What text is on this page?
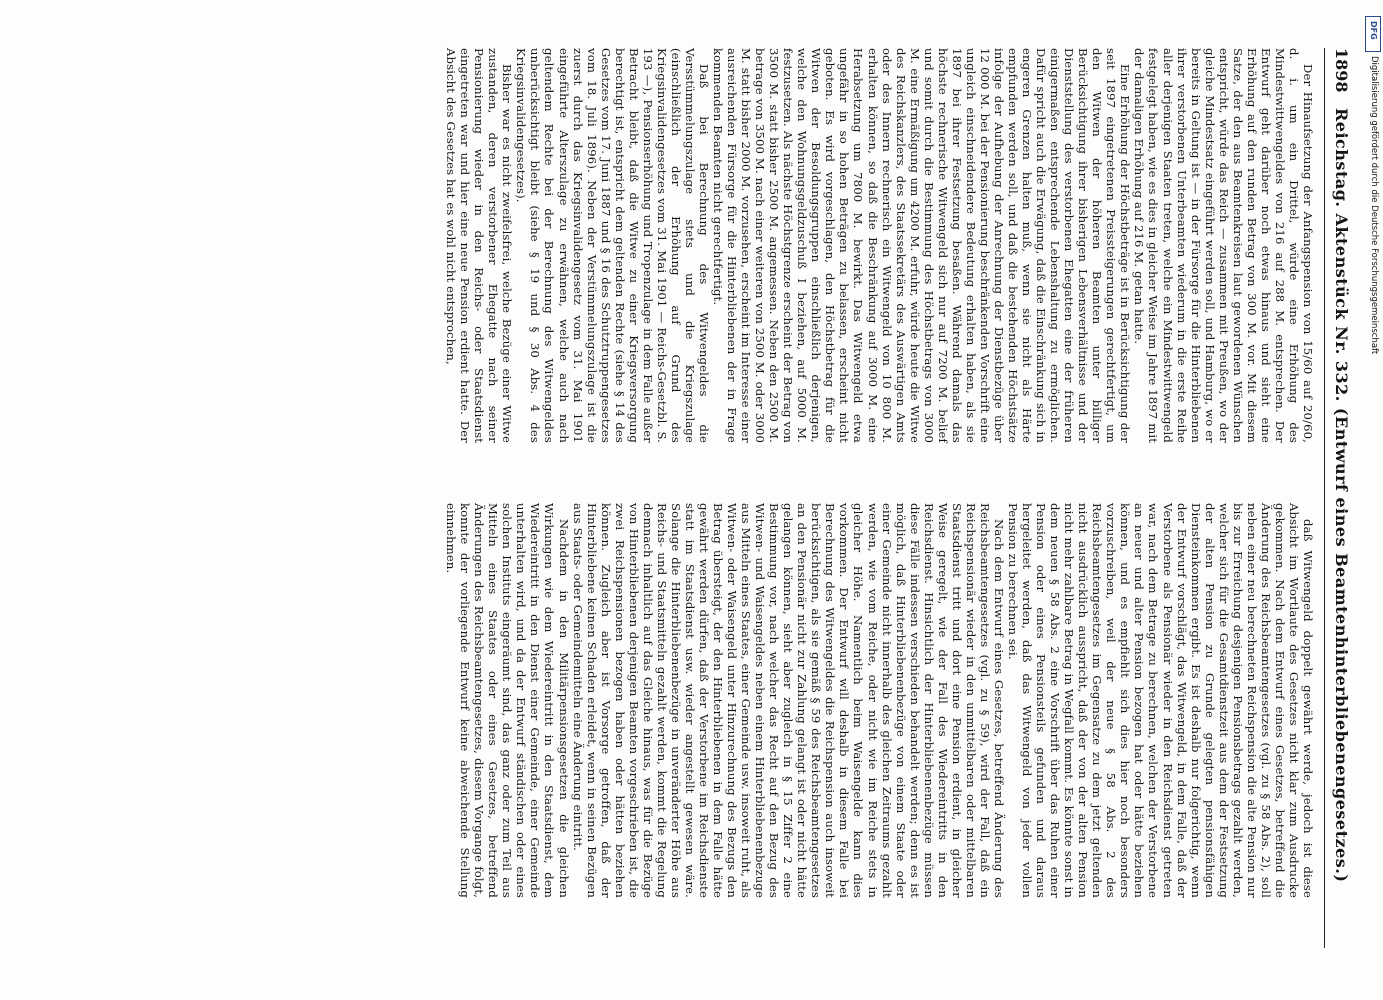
1898
Reichstag. Aktenstück Nr. 332. (Entwurf eines Beamtenhinterbliebenengesetzes.)

Der Hinaufsetzung der Anfangspension von 15/60 auf 20/60, d. i. um ein Drittel, würde eine Erhöhung des Mindestwittwengeldes von 216 auf 288 M. entsprechen. Der Entwurf geht darüber noch etwas hinaus und sieht eine Erhöhung auf den runden Betrag von 300 M. vor. Mit diesem Satze, der den aus Beamtenkreisen laut gewordenen Wünschen entspricht, würde das Reich — zusammen mit Preußen, wo der gleiche Mindestsatz eingeführt werden soll, und Hamburg, wo er bereits in Geltung ist — in der Fürsorge für die Hinterbliebenen ihrer verstorbenen Unterbeamten wiederum in die erste Reihe aller derjenigen Staaten treten, welche ein Mindestwittwengeld festgelegt haben, wie es dies in gleicher Weise im Jahre 1897 mit der damaligen Erhöhung auf 216 M. getan hatte.

Eine Erhöhung der Höchstbeträge ist in Berücksichtigung der seit 1897 eingetretenen Preissteigerungen gerechtfertigt, um den Witwen der höheren Beamten unter billiger Berücksichtigung ihrer bisherigen Lebensverhältnisse und der Dienststellung des verstorbenen Ehegatten eine der früheren einigermaßen entsprechende Lebenshaltung zu ermöglichen. Dafür spricht auch die Erwägung, daß die Einschränkung sich in engeren Grenzen halten muß, wenn sie nicht als Härte empfunden werden soll, und daß die bestehenden Höchstsätze infolge der Aufhebung der Anrechnung der Dienstbezüge über 12 000 M. bei der Pensionierung beschränkenden Vorschrift eine ungleich einschneidendere Bedeutung erhalten haben, als sie 1897 bei ihrer Festsetzung besaßen. Während damals das höchste rechnerische Witwengeld sich nur auf 7200 M. belief und somit durch die Bestimmung des Höchstbetrags von 3000 M. eine Ermäßigung um 4200 M. erfuhr, würde heute die Witwe des Reichskanzlers, des Staatssekretärs des Auswärtigen Amts oder des Innern rechnerisch ein Witwengeld von 10 800 M. erhalten können, so daß die Beschränkung auf 3000 M. eine Herabsetzung um 7800 M. bewirkt. Das Witwengeld etwa ungefähr in so hohen Beträgen zu belassen, erscheint nicht geboten. Es wird vorgeschlagen, den Höchstbetrag für die Witwen der Besoldungsgruppen einschließlich derjenigen, welche den Wohnungsgeldzuschuß I beziehen, auf 5000 M. festzusetzen. Als nächste Höchstgrenze erscheint der Betrag von 3500 M. statt bisher 2500 M. angemessen. Neben den 2500 M. betrage von 3500 M. nach einer weiteren von 2500 M. oder 3000 M. statt bisher 2000 M. vorzusehen, erscheint im Interesse einer ausreichenden Fürsorge für die Hinterbliebenen der in Frage kommenden Beamten nicht gerechtfertigt.

Daß bei Berechnung des Witwengeldes die Versstümmelungszulage stets und die Kriegszulage (einschließlich der Erhöhung auf Grund des Kriegsinvalidengesetzes vom 31. Mai 1901 — Reichs-Gesetzbl. S. 193 —), Pensionserhöhung und Tropenzulage in dem Falle außer Betracht bleibt, daß die Witwe zu einer Kriegsversorgung berechtigt ist, entspricht dem geltenden Rechte (siehe § 14 des Gesetzes vom 17. Juni 1887 und § 16 des Schutztruppengesetzes vom 18. Juli 1896). Neben der Verstümmelungszulage ist die zuerst durch das Kriegsinvalidengesetz vom 31. Mai 1901 eingeführte Alterszulage zu erwähnen, welche auch nach geltendem Rechte bei der Berechnung des Witwengeldes unberücksichtigt bleibt (siehe § 19 und § 30 Abs. 4 des Kriegsinvalidengesetzes).

Bisher war es nicht zweifelsfrei, welche Bezüge einer Witwe zustanden, deren verstorbener Ehegatte nach seiner Pensionierung wieder in den Reichs- oder Staatsdienst eingetreten war und hier eine neue Pension erdient hatte. Der Absicht des Gesetzes hat es wohl nicht entsprochen,

daß Witwengeld doppelt gewährt werde, jedoch ist diese Absicht im Wortlaute des Gesetzes nicht klar zum Ausdrucke gekommen. Nach dem Entwurf eines Gesetzes, betreffend die Änderung des Reichsbeamtengesetzes (vgl. zu § 58 Abs. 2), soll neben einer neu berechneten Reichspension die alte Pension nur bis zur Erreichung desjenigen Pensionsbetrags gezahlt werden, welcher sich für die Gesamtdienstzeit aus dem der Festsetzung der alten Pension zu Grunde gelegten pensionsfähigen Diensteinkommen ergibt. Es ist deshalb nur folgerichtig, wenn der Entwurf vorschlägt, das Witwengeld, in dem Falle, daß der Verstorbene als Pensionär wieder in den Reichsdienst getreten war, nach dem Betrage zu berechnen, welchen der Verstorbene an neuer und alter Pension bezogen hat oder hätte beziehen können, und es empfiehlt sich dies hier noch besonders vorzuschreiben, weil der neue § 58 Abs. 2 des Reichsbeamtengesetzes im Gegensatze zu dem jetzt geltenden nicht ausdrücklich ausspricht, daß der von der alten Pension nicht mehr zahlbare Betrag in Wegfall kommt. Es könnte sonst in dem neuen § 58 Abs. 2 eine Vorschrift über das Ruhen einer Pension oder eines Pensionsteils gefunden und daraus hergeleitet werden, daß das Witwengeld von jeder vollen Pension zu berechnen sei.

Nach dem Entwurf eines Gesetzes, betreffend Änderung des Reichsbeamtengesetzes (vgl. zu § 59), wird der Fall, daß ein Reichspensionär wieder in den unmittelbaren oder mittelbaren Staatsdienst tritt und dort eine Pension erdient, in gleicher Weise geregelt, wie der Fall des Wiedereintritts in den Reichsdienst. Hinsichtlich der Hinterbliebenenbezüge müssen diese Fälle indessen verschieden behandelt werden; denn es ist möglich, daß Hinterbliebenenbezüge von einem Staate oder einer Gemeinde nicht innerhalb des gleichen Zeitraums gezahlt werden, wie vom Reiche, oder nicht wie im Reiche stets in gleicher Höhe. Namentlich beim Waisengelde kann dies vorkommen. Der Entwurf will deshalb in diesem Falle bei Berechnung des Witwengeldes die Reichspension auch insoweit berücksichtigen, als sie gemäß § 59 des Reichsbeamtengesetzes an den Pensionär nicht zur Zahlung gelangt ist oder nicht hätte gelangen können, sieht aber zugleich in § 15 Ziffer 2 eine Bestimmung vor, nach welcher das Recht auf den Bezug des Witwen- und Waisengeldes neben einem Hinterbliebenenbezuge aus Mitteln eines Staates, einer Gemeinde usw. insoweit ruht, als Witwen- oder Waisengeld unter Hinzurechnung des Bezugs den Betrag übersteigt, der den Hinterbliebenen in dem Falle hätte gewährt werden dürfen, daß der Verstorbene im Reichsdienste statt im Staatsdienst usw. wieder angestellt gewesen wäre. Solange die Hinterbliebenenbezüge in unveränderter Höhe aus Reichs- und Staatsmitteln gezahlt werden, kommt die Regelung demnach inhaltlich auf das Gleiche hinaus, was für die Bezüge von Hinterbliebenen derjenigen Beamten vorgeschrieben ist, die zwei Reichspensionen bezogen haben oder hätten beziehen können. Zugleich aber ist Vorsorge getroffen, daß der Hinterbliebene keinen Schaden erleidet, wenn in seinen Bezügen aus Staats- oder Gemeindemitteln eine Änderung eintritt.

Nachdem in den Militärpensionsgesetzen die gleichen Wirkungen wie dem Wiedereintritt in den Staatsdienst, dem Wiedereintritt in den Dienst einer Gemeinde, einer Gemeinde unterhalten wird, und da der Entwurf ständischen oder eines solchen Instituts eingeräumt sind, das ganz oder zum Teil aus Mitteln eines Staates oder eines Gesetzes, betreffend Änderungen des Reichsbeamtengesetzes, diesem Vorgange folgt, konnte der vorliegende Entwurf keine abweichende Stellung einnehmen.

DFG
Digitalisierung gefördert durch die Deutsche Forschungsgemeinschaft
